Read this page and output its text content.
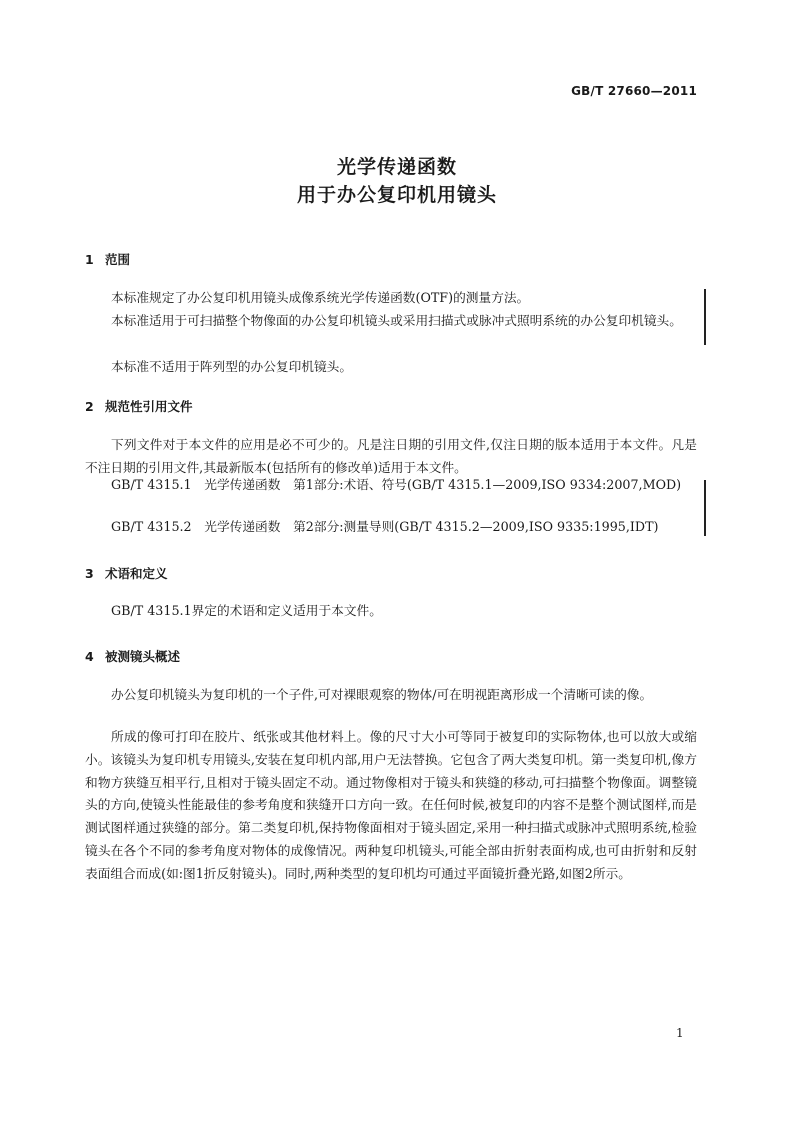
GB/T 27660—2011
光学传递函数
用于办公复印机用镜头
1 范围
本标准规定了办公复印机用镜头成像系统光学传递函数(OTF)的测量方法。
本标准适用于可扫描整个物像面的办公复印机镜头或采用扫描式或脉冲式照明系统的办公复印机镜头。
本标准不适用于阵列型的办公复印机镜头。
2 规范性引用文件
下列文件对于本文件的应用是必不可少的。凡是注日期的引用文件,仅注日期的版本适用于本文件。凡是不注日期的引用文件,其最新版本(包括所有的修改单)适用于本文件。
GB/T 4315.1　光学传递函数　第1部分:术语、符号(GB/T 4315.1—2009,ISO 9334:2007,MOD)
GB/T 4315.2　光学传递函数　第2部分:测量导则(GB/T 4315.2—2009,ISO 9335:1995,IDT)
3 术语和定义
GB/T 4315.1界定的术语和定义适用于本文件。
4 被测镜头概述
办公复印机镜头为复印机的一个子件,可对裸眼观察的物体/可在明视距离形成一个清晰可读的像。
所成的像可打印在胶片、纸张或其他材料上。像的尺寸大小可等同于被复印的实际物体,也可以放大或缩小。该镜头为复印机专用镜头,安装在复印机内部,用户无法替换。它包含了两大类复印机。第一类复印机,像方和物方狭缝互相平行,且相对于镜头固定不动。通过物像相对于镜头和狭缝的移动,可扫描整个物像面。调整镜头的方向,使镜头性能最佳的参考角度和狭缝开口方向一致。在任何时候,被复印的内容不是整个测试图样,而是测试图样通过狭缝的部分。第二类复印机,保持物像面相对于镜头固定,采用一种扫描式或脉冲式照明系统,检验镜头在各个不同的参考角度对物体的成像情况。两种复印机镜头,可能全部由折射表面构成,也可由折射和反射表面组合而成(如:图1折反射镜头)。同时,两种类型的复印机均可通过平面镜折叠光路,如图2所示。
1
